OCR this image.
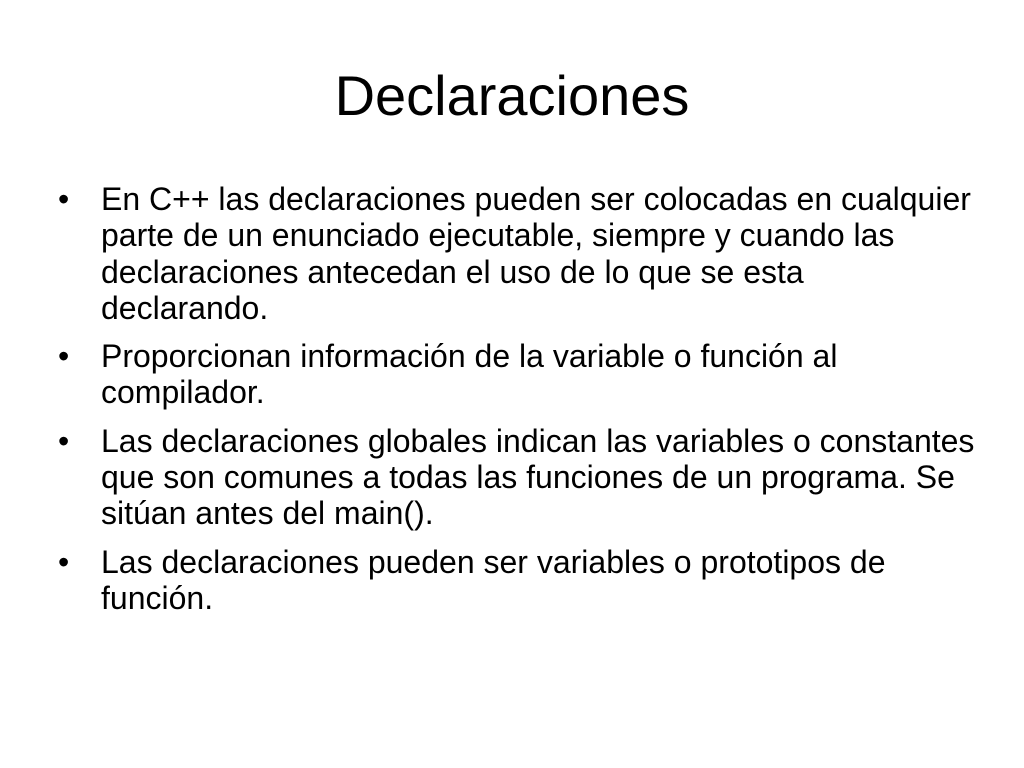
Declaraciones
• En C++ las declaraciones pueden ser colocadas en cualquier parte de un enunciado ejecutable, siempre y cuando las declaraciones antecedan el uso de lo que se esta declarando.
• Proporcionan información de la variable o función al compilador.
• Las declaraciones globales indican las variables o constantes que son comunes a todas las funciones de un programa. Se sitúan antes del main().
• Las declaraciones pueden ser variables o prototipos de función.
